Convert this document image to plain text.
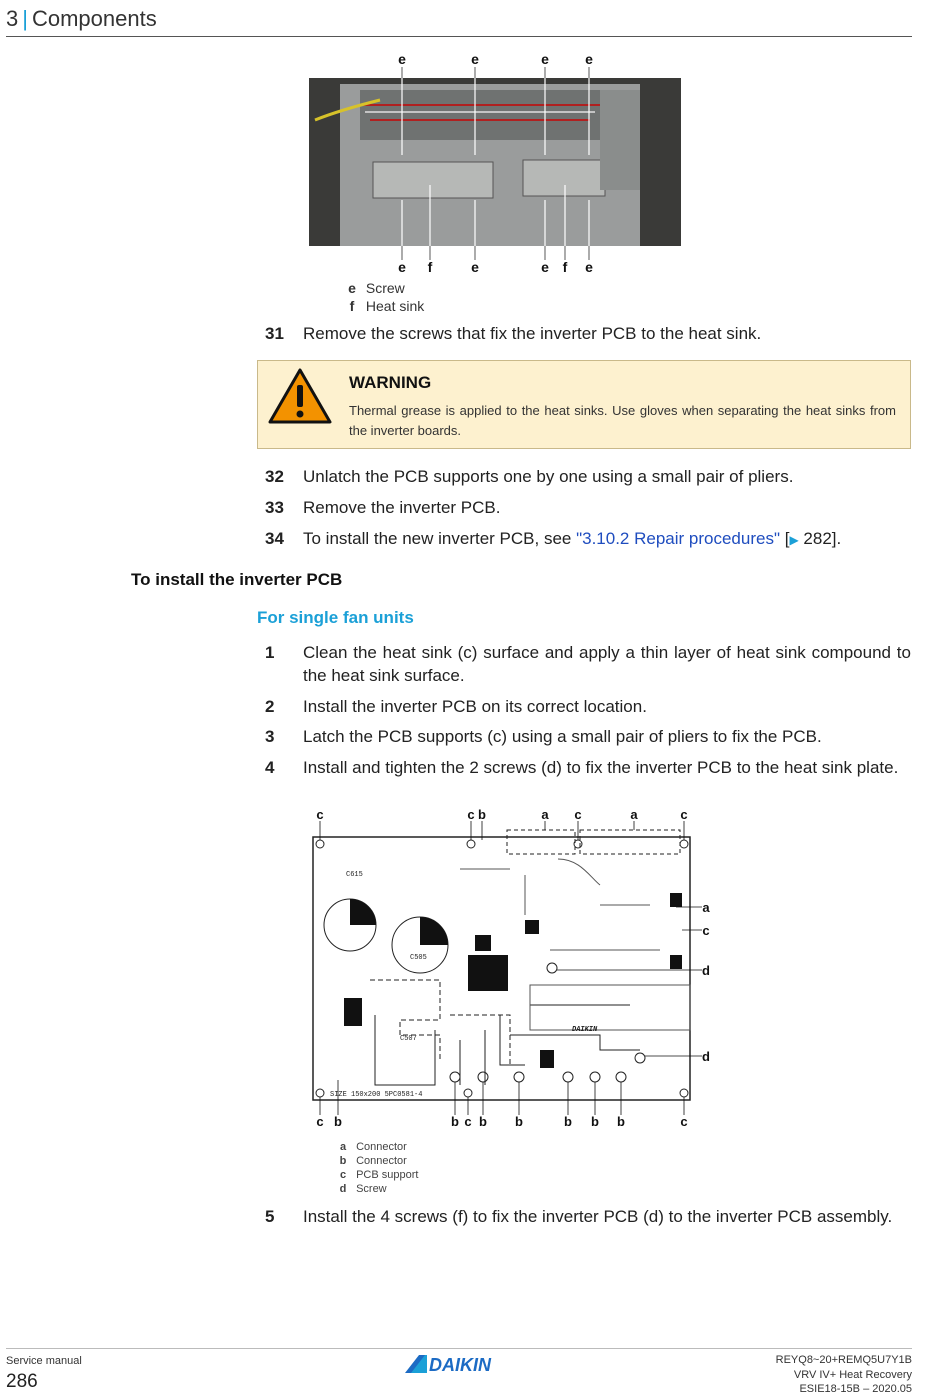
3 | Components
e	e	e	e
e f	e	e f e
e Screw
f Heat sink
31 Remove the screws that fix the inverter PCB to the heat sink.
WARNING
Thermal grease is applied to the heat sinks. Use gloves when separating the heat sinks from the inverter boards.
32 Unlatch the PCB supports one by one using a small pair of pliers.
33 Remove the inverter PCB.
34 To install the new inverter PCB, see "3.10.2 Repair procedures" [▶ 282].
To install the inverter PCB
For single fan units
1 Clean the heat sink (c) surface and apply a thin layer of heat sink compound to the heat sink surface.
2 Install the inverter PCB on its correct location.
3 Latch the PCB supports (c) using a small pair of pliers to fix the PCB.
4 Install and tighten the 2 screws (d) to fix the inverter PCB to the heat sink plate.
SIZE 150x200 5PC0581-4
C507
C505
C615
DAIKIN
c	c b	a c	a	c
a
c
d
d
c b	b c b b	b b b	c
a Connector
b Connector
c PCB support
d Screw
5 Install the 4 screws (f) to fix the inverter PCB (d) to the inverter PCB assembly.
Service manual
286
DAIKIN	REYQ8~20+REMQ5U7Y1B
VRV IV+ Heat Recovery
ESIE18-15B – 2020.05
